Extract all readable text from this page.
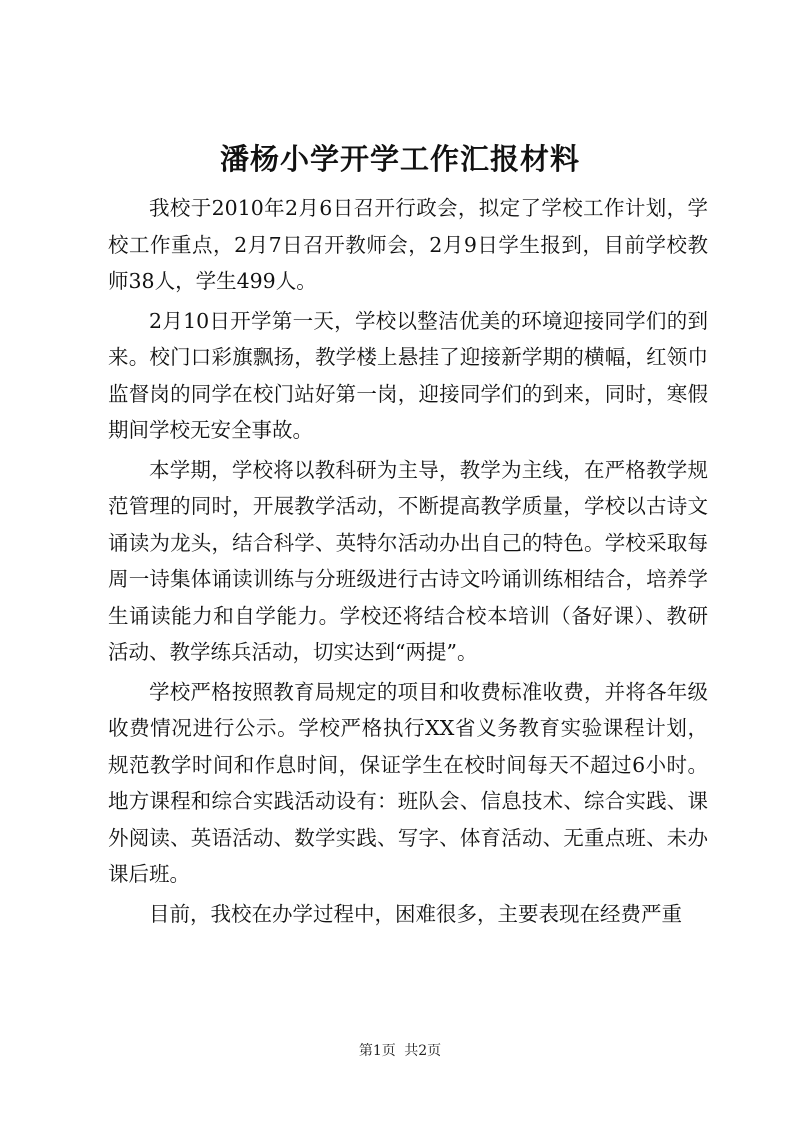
潘杨小学开学工作汇报材料

我校于2010年2月6日召开行政会，拟定了学校工作计划，学校工作重点，2月7日召开教师会，2月9日学生报到，目前学校教师38人，学生499人。

2月10日开学第一天，学校以整洁优美的环境迎接同学们的到来。校门口彩旗飘扬，教学楼上悬挂了迎接新学期的横幅，红领巾监督岗的同学在校门站好第一岗，迎接同学们的到来，同时，寒假期间学校无安全事故。

本学期，学校将以教科研为主导，教学为主线，在严格教学规范管理的同时，开展教学活动，不断提高教学质量，学校以古诗文诵读为龙头，结合科学、英特尔活动办出自己的特色。学校采取每周一诗集体诵读训练与分班级进行古诗文吟诵训练相结合，培养学生诵读能力和自学能力。学校还将结合校本培训（备好课）、教研活动、教学练兵活动，切实达到“两提”。

学校严格按照教育局规定的项目和收费标准收费，并将各年级收费情况进行公示。学校严格执行XX省义务教育实验课程计划，规范教学时间和作息时间，保证学生在校时间每天不超过6小时。地方课程和综合实践活动设有：班队会、信息技术、综合实践、课外阅读、英语活动、数学实践、写字、体育活动、无重点班、未办课后班。

目前，我校在办学过程中，困难很多，主要表现在经费严重

第1页 共2页
